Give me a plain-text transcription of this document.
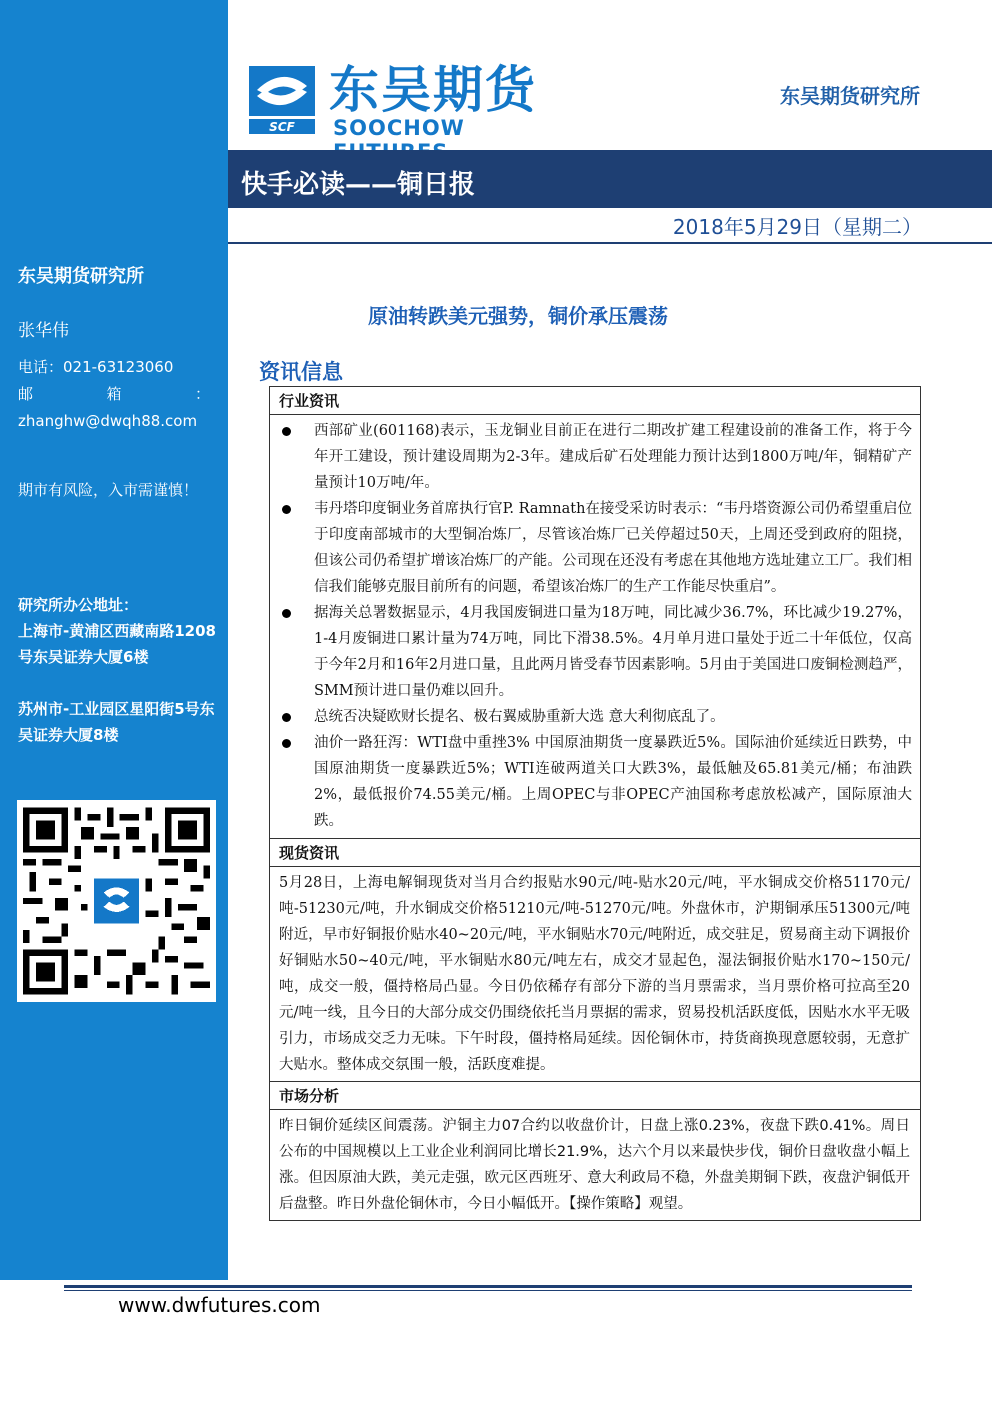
东吴期货研究所
张华伟
电话：021-63123060
邮	箱	：
zhanghw@dwqh88.com
期市有风险，入市需谨慎！
研究所办公地址：
上海市-黄浦区西藏南路1208号东吴证券大厦6楼
苏州市-工业园区星阳街5号东吴证券大厦8楼
SCF
东吴期货
SOOCHOW
东吴期货研究所
快手必读——铜日报
2018年5月29日（星期二）
原油转跌美元强势，铜价承压震荡
资讯信息
行业资讯
西部矿业(601168)表示，玉龙铜业目前正在进行二期改扩建工程建设前的准备工作，将于今年开工建设，预计建设周期为2-3年。建成后矿石处理能力预计达到1800万吨/年，铜精矿产量预计10万吨/年。
韦丹塔印度铜业务首席执行官P. Ramnath在接受采访时表示：“韦丹塔资源公司仍希望重启位于印度南部城市的大型铜冶炼厂，尽管该冶炼厂已关停超过50天，上周还受到政府的阻挠，但该公司仍希望扩增该冶炼厂的产能。公司现在还没有考虑在其他地方选址建立工厂。我们相信我们能够克服目前所有的问题，希望该冶炼厂的生产工作能尽快重启”。
据海关总署数据显示，4月我国废铜进口量为18万吨，同比减少36.7%，环比减少19.27%，1-4月废铜进口累计量为74万吨，同比下滑38.5%。4月单月进口量处于近二十年低位，仅高于今年2月和16年2月进口量，且此两月皆受春节因素影响。5月由于美国进口废铜检测趋严，SMM预计进口量仍难以回升。
总统否决疑欧财长提名、极右翼威胁重新大选 意大利彻底乱了。
油价一路狂泻：WTI盘中重挫3% 中国原油期货一度暴跌近5%。国际油价延续近日跌势，中国原油期货一度暴跌近5%；WTI连破两道关口大跌3%，最低触及65.81美元/桶；布油跌2%，最低报价74.55美元/桶。上周OPEC与非OPEC产油国称考虑放松减产，国际原油大跌。
现货资讯
5月28日，上海电解铜现货对当月合约报贴水90元/吨-贴水20元/吨，平水铜成交价格51170元/吨-51230元/吨，升水铜成交价格51210元/吨-51270元/吨。外盘休市，沪期铜承压51300元/吨附近，早市好铜报价贴水40~20元/吨，平水铜贴水70元/吨附近，成交驻足，贸易商主动下调报价好铜贴水50~40元/吨，平水铜贴水80元/吨左右，成交才显起色，湿法铜报价贴水170~150元/吨，成交一般，僵持格局凸显。今日仍依稀存有部分下游的当月票需求，当月票价格可拉高至20元/吨一线，且今日的大部分成交仍围绕依托当月票据的需求，贸易投机活跃度低，因贴水水平无吸引力，市场成交乏力无味。下午时段，僵持格局延续。因伦铜休市，持货商换现意愿较弱，无意扩大贴水。整体成交氛围一般，活跃度难提。
市场分析
昨日铜价延续区间震荡。沪铜主力07合约以收盘价计，日盘上涨0.23%，夜盘下跌0.41%。周日公布的中国规模以上工业企业利润同比增长21.9%，达六个月以来最快步伐，铜价日盘收盘小幅上涨。但因原油大跌，美元走强，欧元区西班牙、意大利政局不稳，外盘美期铜下跌，夜盘沪铜低开后盘整。昨日外盘伦铜休市，今日小幅低开。【操作策略】观望。
www.dwfutures.com
